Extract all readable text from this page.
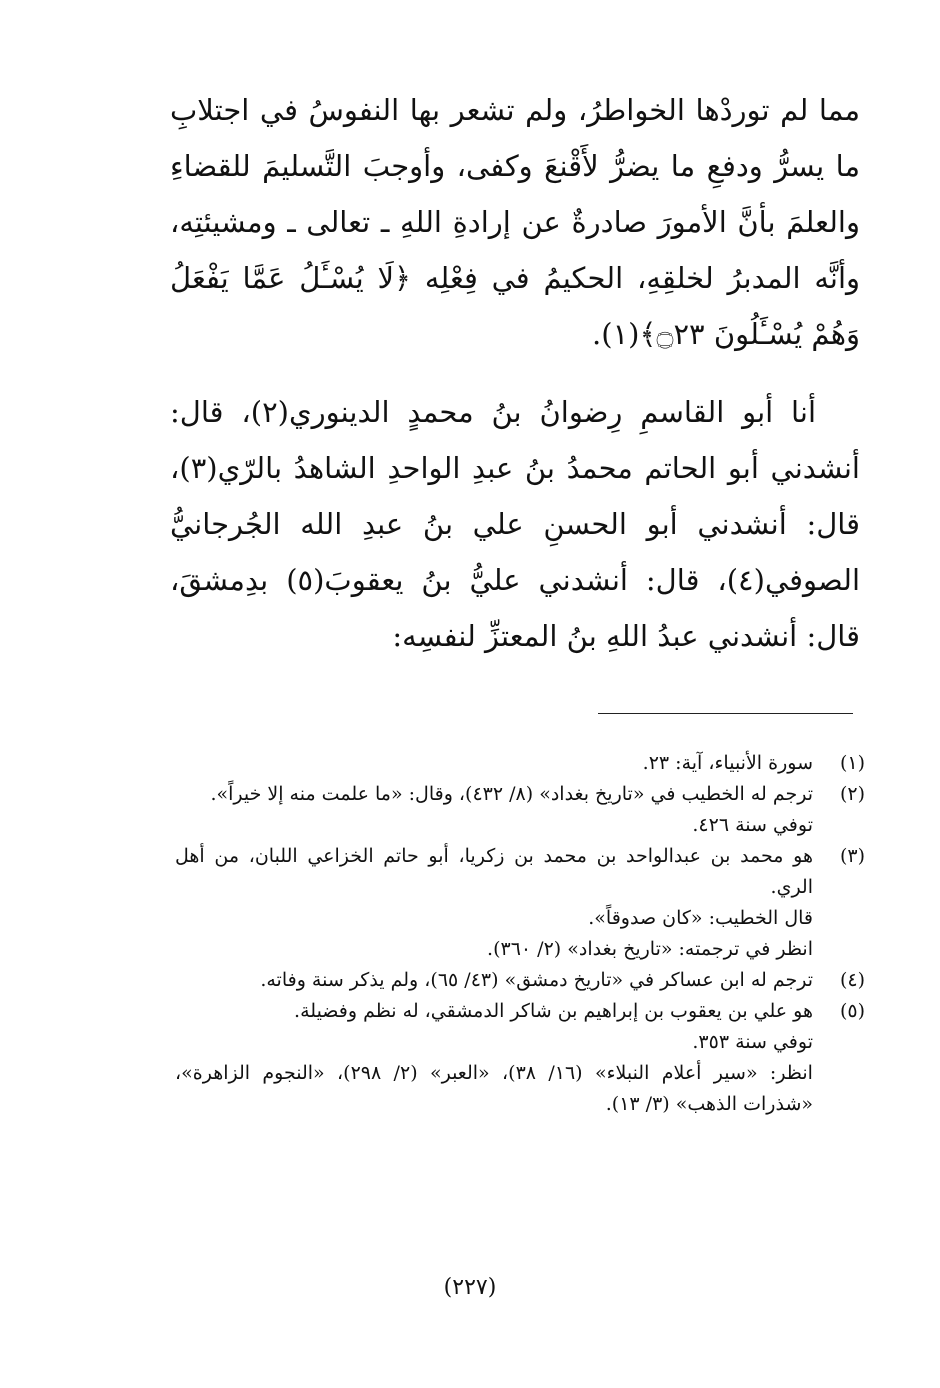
مما لم توردْها الخواطرُ، ولم تشعر بها النفوسُ في اجتلابِ ما يسرُّ ودفعِ ما يضرُّ لأَقْنعَ وكفى، وأوجبَ التَّسليمَ للقضاءِ والعلمَ بأنَّ الأمورَ صادرةٌ عن إرادةِ اللهِ ـ تعالى ـ ومشيئتِه، وأنَّه المدبرُ لخلقِهِ، الحكيمُ في فِعْلِه ﴿لَا يُسْـَٔلُ عَمَّا يَفْعَلُ وَهُمْ يُسْـَٔلُونَ ۝٢٣﴾(١).

أنا أبو القاسمِ رِضوانُ بنُ محمدٍ الدينوري(٢)، قال: أنشدني أبو الحاتم محمدُ بنُ عبدِ الواحدِ الشاهدُ بالرّي(٣)، قال: أنشدني أبو الحسنِ علي بنُ عبدِ الله الجُرجانيُّ الصوفي(٤)، قال: أنشدني عليُّ بنُ يعقوبَ(٥) بدِمشقَ، قال: أنشدني عبدُ اللهِ بنُ المعتزِّ لنفسِه:

(١)
سورة الأنبياء، آية: ٢٣.
(٢)
ترجم له الخطيب في «تاريخ بغداد» (٨/ ٤٣٢)، وقال: «ما علمت منه إلا خيراً».
توفي سنة ٤٢٦.
(٣)
هو محمد بن عبدالواحد بن محمد بن زكريا، أبو حاتم الخزاعي اللبان، من أهل الري.
قال الخطيب: «كان صدوقاً».
انظر في ترجمته: «تاريخ بغداد» (٢/ ٣٦٠).
(٤)
ترجم له ابن عساكر في «تاريخ دمشق» (٤٣/ ٦٥)، ولم يذكر سنة وفاته.
(٥)
هو علي بن يعقوب بن إبراهيم بن شاكر الدمشقي، له نظم وفضيلة.
توفي سنة ٣٥٣.
انظر: «سير أعلام النبلاء» (١٦/ ٣٨)، «العبر» (٢/ ٢٩٨)، «النجوم الزاهرة»، «شذرات الذهب» (٣/ ١٣).
(٢٢٧)
